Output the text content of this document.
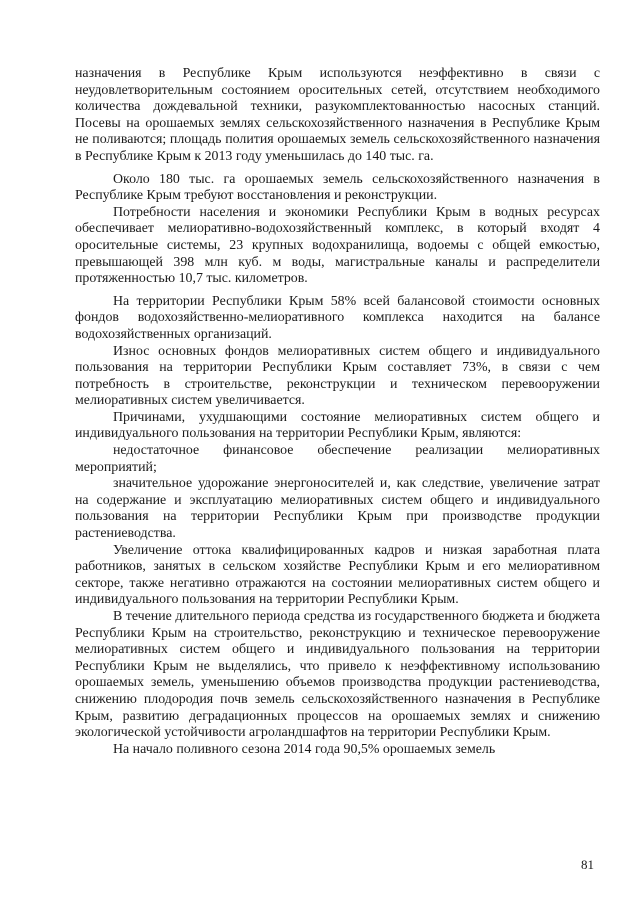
назначения в Республике Крым используются неэффективно в связи с неудовлетворительным состоянием оросительных сетей, отсутствием необходимого количества дождевальной техники, разукомплектованностью насосных станций. Посевы на орошаемых землях сельскохозяйственного назначения в Республике Крым не поливаются; площадь полития орошаемых земель сельскохозяйственного назначения в Республике Крым к 2013 году уменьшилась до 140 тыс. га.

Около 180 тыс. га орошаемых земель сельскохозяйственного назначения в Республике Крым требуют восстановления и реконструкции.

Потребности населения и экономики Республики Крым в водных ресурсах обеспечивает мелиоративно-водохозяйственный комплекс, в который входят 4 оросительные системы, 23 крупных водохранилища, водоемы с общей емкостью, превышающей 398 млн куб. м воды, магистральные каналы и распределители протяженностью 10,7 тыс. километров.

На территории Республики Крым 58% всей балансовой стоимости основных фондов водохозяйственно-мелиоративного комплекса находится на балансе водохозяйственных организаций.

Износ основных фондов мелиоративных систем общего и индивидуального пользования на территории Республики Крым составляет 73%, в связи с чем потребность в строительстве, реконструкции и техническом перевооружении мелиоративных систем увеличивается.

Причинами, ухудшающими состояние мелиоративных систем общего и индивидуального пользования на территории Республики Крым, являются:

недостаточное финансовое обеспечение реализации мелиоративных мероприятий;

значительное удорожание энергоносителей и, как следствие, увеличение затрат на содержание и эксплуатацию мелиоративных систем общего и индивидуального пользования на территории Республики Крым при производстве продукции растениеводства.

Увеличение оттока квалифицированных кадров и низкая заработная плата работников, занятых в сельском хозяйстве Республики Крым и его мелиоративном секторе, также негативно отражаются на состоянии мелиоративных систем общего и индивидуального пользования на территории Республики Крым.

В течение длительного периода средства из государственного бюджета и бюджета Республики Крым на строительство, реконструкцию и техническое перевооружение мелиоративных систем общего и индивидуального пользования на территории Республики Крым не выделялись, что привело к неэффективному использованию орошаемых земель, уменьшению объемов производства продукции растениеводства, снижению плодородия почв земель сельскохозяйственного назначения в Республике Крым, развитию деградационных процессов на орошаемых землях и снижению экологической устойчивости агроландшафтов на территории Республики Крым.

На начало поливного сезона 2014 года 90,5% орошаемых земель

81
